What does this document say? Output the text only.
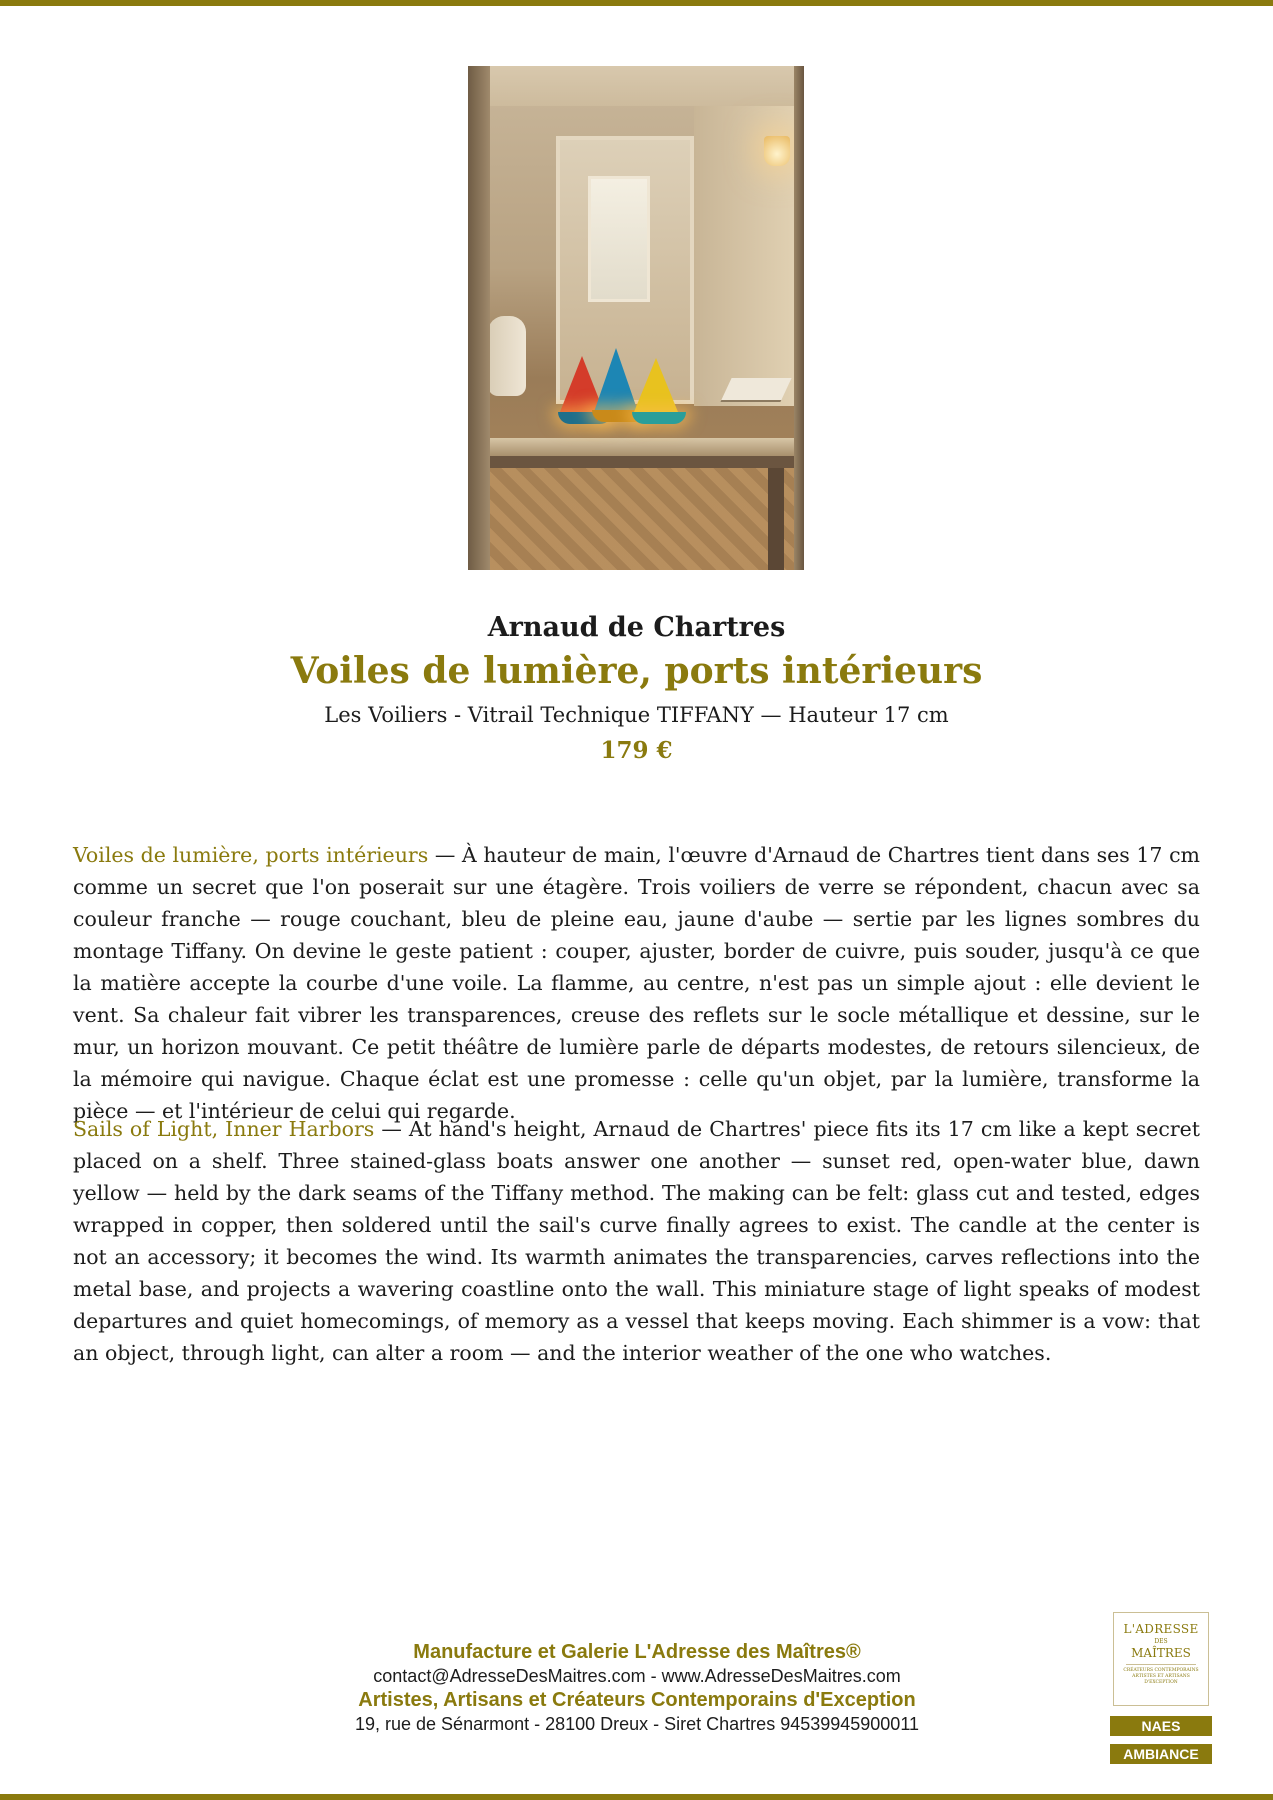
Arnaud de Chartres
Voiles de lumière, ports intérieurs
Les Voiliers - Vitrail Technique TIFFANY — Hauteur 17 cm
179 €

Voiles de lumière, ports intérieurs — À hauteur de main, l'œuvre d'Arnaud de Chartres tient dans ses 17 cm comme un secret que l'on poserait sur une étagère. Trois voiliers de verre se répondent, chacun avec sa couleur franche — rouge couchant, bleu de pleine eau, jaune d'aube — sertie par les lignes sombres du montage Tiffany. On devine le geste patient : couper, ajuster, border de cuivre, puis souder, jusqu'à ce que la matière accepte la courbe d'une voile. La flamme, au centre, n'est pas un simple ajout : elle devient le vent. Sa chaleur fait vibrer les transparences, creuse des reflets sur le socle métallique et dessine, sur le mur, un horizon mouvant. Ce petit théâtre de lumière parle de départs modestes, de retours silencieux, de la mémoire qui navigue. Chaque éclat est une promesse : celle qu'un objet, par la lumière, transforme la pièce — et l'intérieur de celui qui regarde.

Sails of Light, Inner Harbors — At hand's height, Arnaud de Chartres' piece fits its 17 cm like a kept secret placed on a shelf. Three stained-glass boats answer one another — sunset red, open-water blue, dawn yellow — held by the dark seams of the Tiffany method. The making can be felt: glass cut and tested, edges wrapped in copper, then soldered until the sail's curve finally agrees to exist. The candle at the center is not an accessory; it becomes the wind. Its warmth animates the transparencies, carves reflections into the metal base, and projects a wavering coastline onto the wall. This miniature stage of light speaks of modest departures and quiet homecomings, of memory as a vessel that keeps moving. Each shimmer is a vow: that an object, through light, can alter a room — and the interior weather of the one who watches.

Manufacture et Galerie L'Adresse des Maîtres®
contact@AdresseDesMaitres.com - www.AdresseDesMaitres.com
Artistes, Artisans et Créateurs Contemporains d'Exception
19, rue de Sénarmont - 28100 Dreux - Siret Chartres 94539945900011
L'ADRESSE
DES
MAÎTRES
CRÉATEURS CONTEMPORAINS ARTISTES ET ARTISANS D'EXCEPTION
NAES
AMBIANCE
